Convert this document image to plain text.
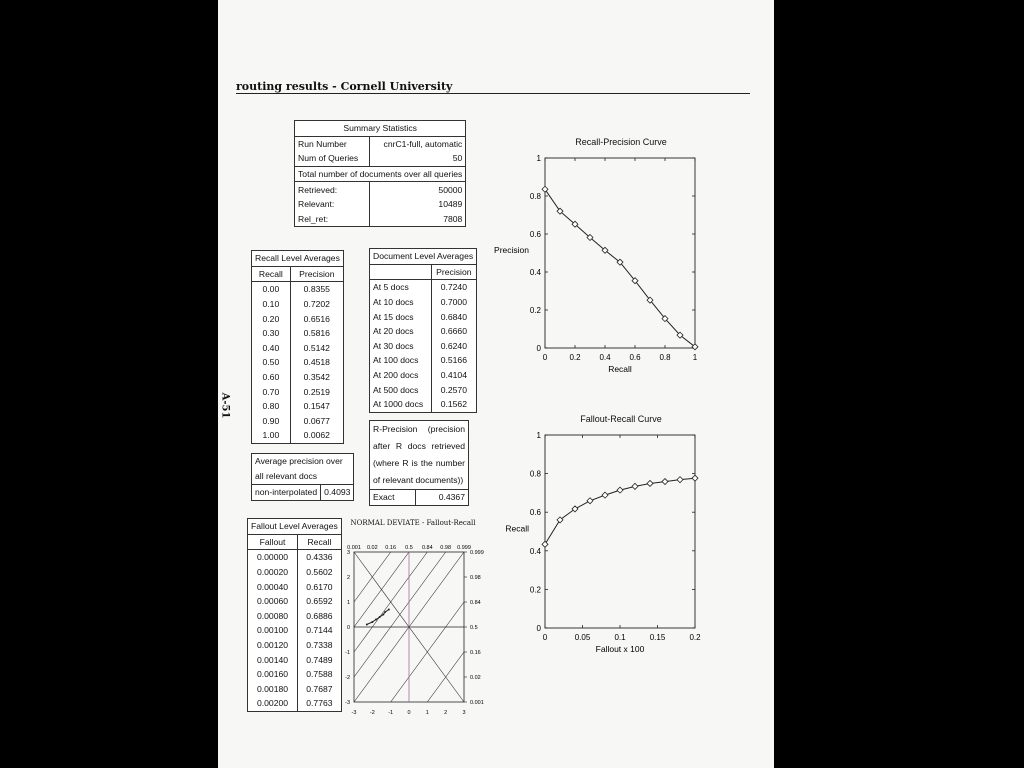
routing results - Cornell University
A-51
Summary Statistics	
Run Number	cnrC1-full, automatic
Num of Queries	50
Total number of documents over all queries	
Retrieved:	50000
Relevant:	10489
Rel_ret:	7808
Recall Level Averages	
Recall	Precision
0.00	0.8355
0.10	0.7202
0.20	0.6516
0.30	0.5816
0.40	0.5142
0.50	0.4518
0.60	0.3542
0.70	0.2519
0.80	0.1547
0.90	0.0677
1.00	0.0062
Average precision over all relevant docs
non-interpolated	0.4093
Document Level Averages	
	Precision
At 5 docs	0.7240
At 10 docs	0.7000
At 15 docs	0.6840
At 20 docs	0.6660
At 30 docs	0.6240
At 100 docs	0.5166
At 200 docs	0.4104
At 500 docs	0.2570
At 1000 docs	0.1562
R-Precision (precision after R docs retrieved (where R is the number of relevant documents))
Exact	0.4367
Fallout Level Averages	
Fallout	Recall
0.00000	0.4336
0.00020	0.5602
0.00040	0.6170
0.00060	0.6592
0.00080	0.6886
0.00100	0.7144
0.00120	0.7338
0.00140	0.7489
0.00160	0.7588
0.00180	0.7687
0.00200	0.7763
Recall-Precision Curve
0	0.2 0.4 0.6 0.8	1
0
0.2
0.4
0.6
0.8
1
Recall
Precision
Fallout-Recall Curve
0	0.05	0.1	0.15	0.2
0
0.2
0.4
0.6
0.8
1
Fallout x 100
Recall
NORMAL DEVIATE - Fallout-Recall
0.001 0.02 0.16 0.5 0.84 0.98 0.999
0.999
0.98
0.84
0.5
0.16
0.02
0.001
3
2
1
0
-1
-2
-3
-3 -2 -1	0	1	2	3
